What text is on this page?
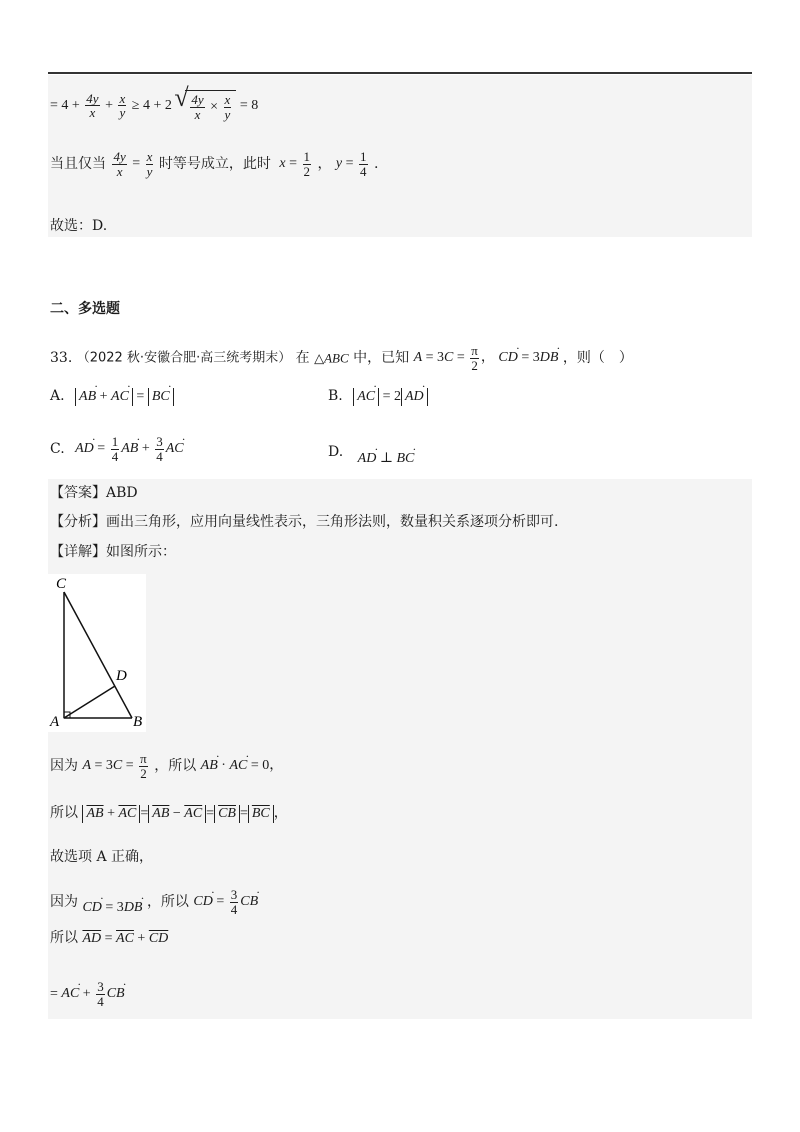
= $4 + \frac{4y}{x} + \frac{x}{y} \ge 4 + 2$ √ $\frac{4y}{x} \times \frac{x}{y} = 8$
当且仅当 $\frac{4y}{x} = \frac{x}{y}$ 时等号成立，此时 $x = \frac{1}{2}$ ， $y = \frac{1}{4}$ .
故选：D.
二、多选题
33. （2022 秋·安徽合肥·高三统考期末） 在 △ABC 中，已知 $A = 3C = \frac{\pi}{2}$ ， CD · = 3DB · ，则（　）
A. AB · + AC · = BC ·	B. AC · = 2 AD ·
C. AD · = $\frac{1}{4}$ AB · + $\frac{3}{4}$ AC ·	D. AD · ⊥ BC ·
【答案】ABD
【分析】画出三角形，应用向量线性表示，三角形法则，数量积关系逐项分析即可.
【详解】如图所示：
C
D
A	B
因为 $A = 3C = \frac{\pi}{2}$ ，所以 AB · · AC · = 0，
所以 $\overline{AB} + \overline{AC} = \overline{AB} - \overline{AC} = \overline{CB} = \overline{BC}$ ，
故选项 A 正确，
因为 CD · = 3DB · ，所以 CD · = $\frac{3}{4}$ CB ·
所以 $\overline{AD} = \overline{AC} + \overline{CD}$
= AC · + $\frac{3}{4}$ CB ·
